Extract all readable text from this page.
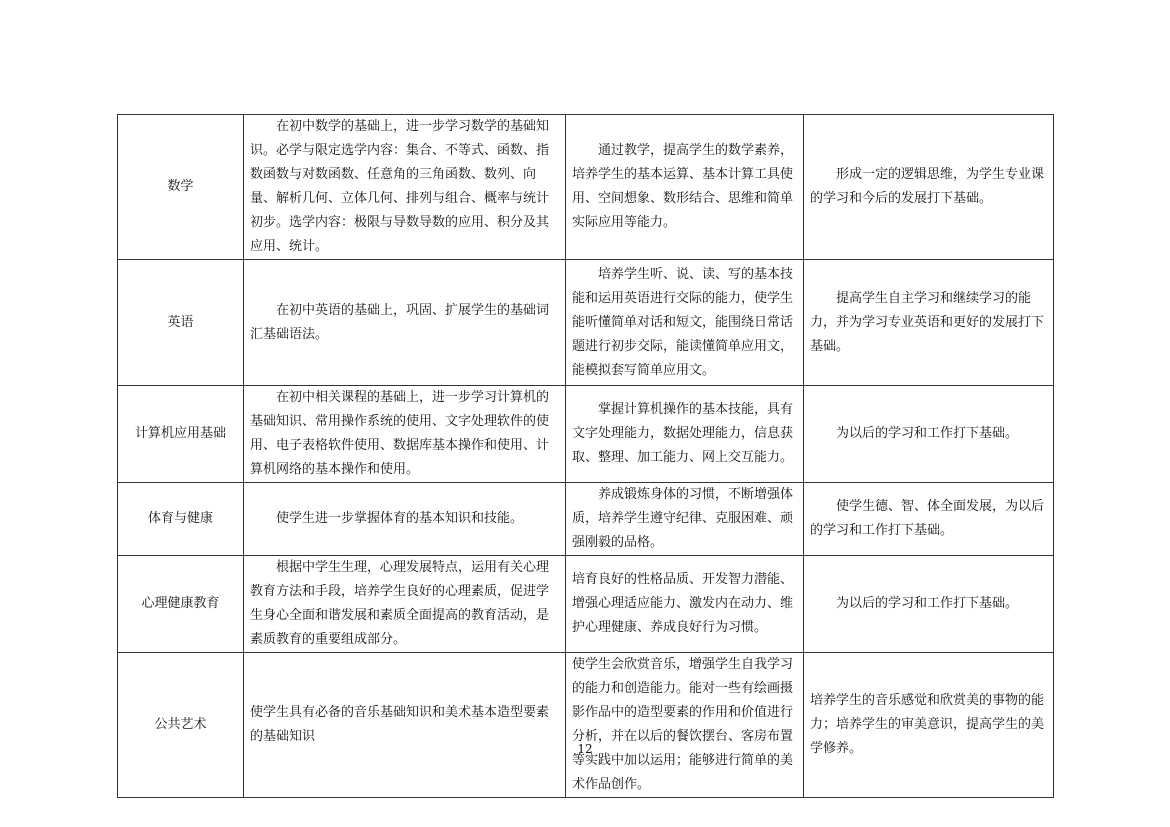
数学	在初中数学的基础上，进一步学习数学的基础知识。必学与限定选学内容：集合、不等式、函数、指数函数与对数函数、任意角的三角函数、数列、向量、解析几何、立体几何、排列与组合、概率与统计初步。选学内容：极限与导数导数的应用、积分及其应用、统计。	通过教学，提高学生的数学素养，培养学生的基本运算、基本计算工具使用、空间想象、数形结合、思维和简单实际应用等能力。	形成一定的逻辑思维，为学生专业课的学习和今后的发展打下基础。
英语	在初中英语的基础上，巩固、扩展学生的基础词汇基础语法。	培养学生听、说、读、写的基本技能和运用英语进行交际的能力，使学生能听懂简单对话和短文，能围绕日常话题进行初步交际，能读懂简单应用文，能模拟套写简单应用文。	提高学生自主学习和继续学习的能力，并为学习专业英语和更好的发展打下基础。
计算机应用基础	在初中相关课程的基础上，进一步学习计算机的基础知识、常用操作系统的使用、文字处理软件的使用、电子表格软件使用、数据库基本操作和使用、计算机网络的基本操作和使用。	掌握计算机操作的基本技能，具有文字处理能力，数据处理能力，信息获取、整理、加工能力、网上交互能力。	为以后的学习和工作打下基础。
体育与健康	使学生进一步掌握体育的基本知识和技能。	养成锻炼身体的习惯，不断增强体质，培养学生遵守纪律、克服困难、顽强刚毅的品格。	使学生德、智、体全面发展，为以后的学习和工作打下基础。
心理健康教育	根据中学生生理，心理发展特点，运用有关心理教育方法和手段，培养学生良好的心理素质，促进学生身心全面和谐发展和素质全面提高的教育活动，是素质教育的重要组成部分。	培育良好的性格品质、开发智力潜能、增强心理适应能力、激发内在动力、维护心理健康、养成良好行为习惯。	为以后的学习和工作打下基础。
公共艺术	使学生具有必备的音乐基础知识和美术基本造型要素的基础知识	使学生会欣赏音乐，增强学生自我学习的能力和创造能力。能对一些有绘画摄影作品中的造型要素的作用和价值进行分析，并在以后的餐饮摆台、客房布置等实践中加以运用；能够进行简单的美术作品创作。	培养学生的音乐感觉和欣赏美的事物的能力；培养学生的审美意识，提高学生的美学修养。
12
